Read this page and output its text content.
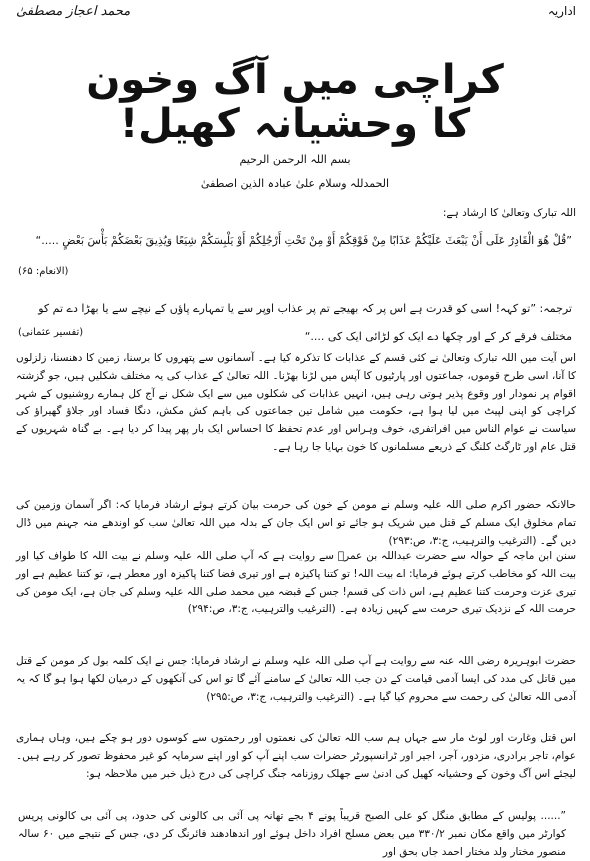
اداریہ
محمد اعجاز مصطفیٰ
کراچی میں آگ وخون کا وحشیانہ کھیل!
بسم اللہ الرحمن الرحیم
الحمدللہ وسلام علیٰ عبادہ الذین اصطفیٰ

اللہ تبارک وتعالیٰ کا ارشاد ہے:

”قُلْ هُوَ الْقَادِرُ عَلَى أَنْ يَبْعَثَ عَلَيْكُمْ عَذَابًا مِنْ فَوْقِكُمْ أَوْ مِنْ تَحْتِ أَرْجُلِكُمْ أَوْ يَلْبِسَكُمْ شِيَعًا وَيُذِيقَ بَعْضَكُمْ بَأْسَ بَعْضٍ .....“

(الانعام: ۶۵)

ترجمہ: ”تو کہہ! اسی کو قدرت ہے اس پر کہ بھیجے تم پر عذاب اوپر سے یا تمہارے پاؤں کے نیچے سے یا بھڑا دے تم کو مختلف فرقے کر کے اور چکھا دے ایک کو لڑائی ایک کی ....“

(تفسیر عثمانی)

اس آیت میں اللہ تبارک وتعالیٰ نے کئی قسم کے عذابات کا تذکرہ کیا ہے۔ آسمانوں سے پتھروں کا برسنا، زمین کا دھنسنا، زلزلوں کا آنا، اسی طرح قوموں، جماعتوں اور پارٹیوں کا آپس میں لڑنا بھڑنا۔ اللہ تعالیٰ کے عذاب کی یہ مختلف شکلیں ہیں، جو گزشتہ اقوام پر نمودار اور وقوع پذیر ہوتی رہی ہیں، انہیں عذابات کی شکلوں میں سے ایک شکل نے آج کل ہمارے روشنیوں کے شہر کراچی کو اپنی لپیٹ میں لیا ہوا ہے، حکومت میں شامل تین جماعتوں کی باہم کش مکش، دنگا فساد اور جلاؤ گھیراؤ کی سیاست نے عوام الناس میں افراتفری، خوف وہراس اور عدم تحفظ کا احساس ایک بار پھر پیدا کر دیا ہے۔ بے گناہ شہریوں کے قتل عام اور ٹارگٹ کلنگ کے ذریعے مسلمانوں کا خون بہایا جا رہا ہے۔

حالانکہ حضور اکرم صلی اللہ علیہ وسلم نے مومن کے خون کی حرمت بیان کرتے ہوئے ارشاد فرمایا کہ: اگر آسمان وزمین کی تمام مخلوق ایک مسلم کے قتل میں شریک ہو جائے تو اس ایک جان کے بدلہ میں اللہ تعالیٰ سب کو اوندھے منہ جہنم میں ڈال دیں گے۔ (الترغیب والترہیب، ج:۳، ص:۲۹۳)

سنن ابن ماجہ کے حوالہ سے حضرت عبداللہ بن عمرؓ سے روایت ہے کہ آپ صلی اللہ علیہ وسلم نے بیت اللہ کا طواف کیا اور بیت اللہ کو مخاطب کرتے ہوئے فرمایا: اے بیت اللہ! تو کتنا پاکیزہ ہے اور تیری فضا کتنا پاکیزہ اور معطر ہے، تو کتنا عظیم ہے اور تیری عزت وحرمت کتنا عظیم ہے، اس ذات کی قسم! جس کے قبضہ میں محمد صلی اللہ علیہ وسلم کی جان ہے، ایک مومن کی حرمت اللہ کے نزدیک تیری حرمت سے کہیں زیادہ ہے۔ (الترغیب والترہیب، ج:۳، ص:۲۹۴)

حضرت ابوہریرہ رضی اللہ عنہ سے روایت ہے آپ صلی اللہ علیہ وسلم نے ارشاد فرمایا: جس نے ایک کلمہ بول کر مومن کے قتل میں قاتل کی مدد کی ایسا آدمی قیامت کے دن جب اللہ تعالیٰ کے سامنے آئے گا تو اس کی آنکھوں کے درمیان لکھا ہوا ہو گا کہ یہ آدمی اللہ تعالیٰ کی رحمت سے محروم کیا گیا ہے۔ (الترغیب والترہیب، ج:۳، ص:۲۹۵)

اس قتل وغارت اور لوٹ مار سے جہاں ہم سب اللہ تعالیٰ کی نعمتوں اور رحمتوں سے کوسوں دور ہو چکے ہیں، وہاں ہماری عوام، تاجر برادری، مزدور، آجر، اجیر اور ٹرانسپورٹر حضرات سب اپنے آپ کو اور اپنے سرمایہ کو غیر محفوظ تصور کر رہے ہیں۔ لیجئے اس آگ وخون کے وحشیانہ کھیل کی ادنیٰ سے جھلک روزنامہ جنگ کراچی کی درج ذیل خبر میں ملاحظہ ہو:

”...... پولیس کے مطابق منگل کو علی الصبح قریباً پونے ۴ بجے تھانہ پی آئی بی کالونی کی حدود، پی آئی بی کالونی پریس کوارٹر میں واقع مکان نمبر ۳۳۰/۲ میں بعض مسلح افراد داخل ہوئے اور اندھادھند فائرنگ کر دی، جس کے نتیجے میں ۶۰ سالہ منصور مختار ولد مختار احمد جاں بحق اور
